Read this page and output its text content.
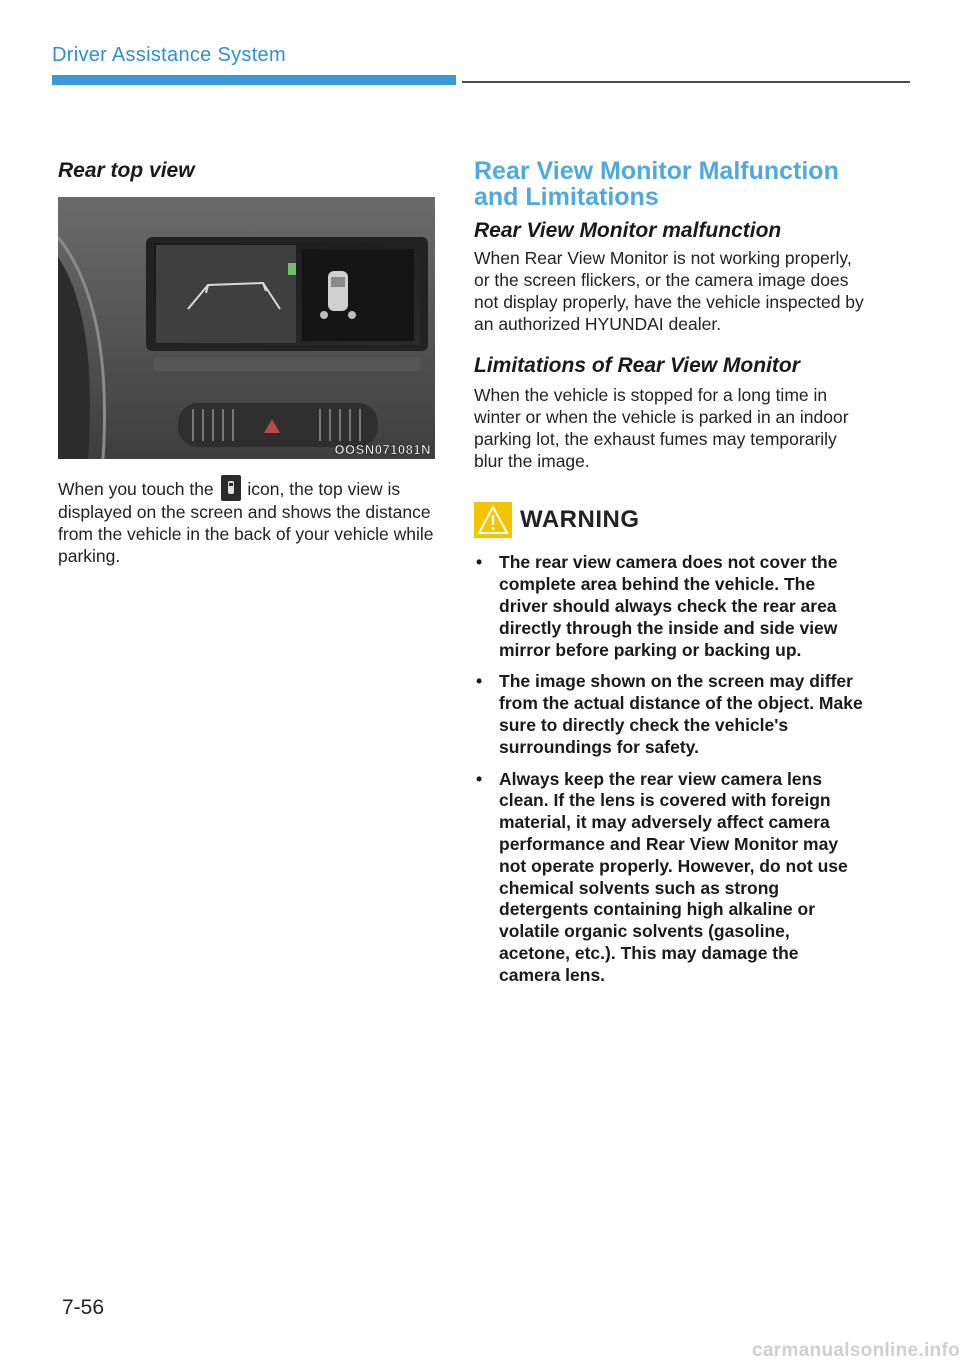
Driver Assistance System
Rear top view
OOSN071081N

When you touch the icon, the top view is displayed on the screen and shows the distance from the vehicle in the back of your vehicle while parking.

Rear View Monitor Malfunction and Limitations
Rear View Monitor malfunction

When Rear View Monitor is not working properly, or the screen flickers, or the camera image does not display properly, have the vehicle inspected by an authorized HYUNDAI dealer.

Limitations of Rear View Monitor

When the vehicle is stopped for a long time in winter or when the vehicle is parked in an indoor parking lot, the exhaust fumes may temporarily blur the image.

WARNING
• The rear view camera does not cover the complete area behind the vehicle. The driver should always check the rear area directly through the inside and side view mirror before parking or backing up.
• The image shown on the screen may differ from the actual distance of the object. Make sure to directly check the vehicle's surroundings for safety.
• Always keep the rear view camera lens clean. If the lens is covered with foreign material, it may adversely affect camera performance and Rear View Monitor may not operate properly. However, do not use chemical solvents such as strong detergents containing high alkaline or volatile organic solvents (gasoline, acetone, etc.). This may damage the camera lens.
7-56
carmanualsonline.info
